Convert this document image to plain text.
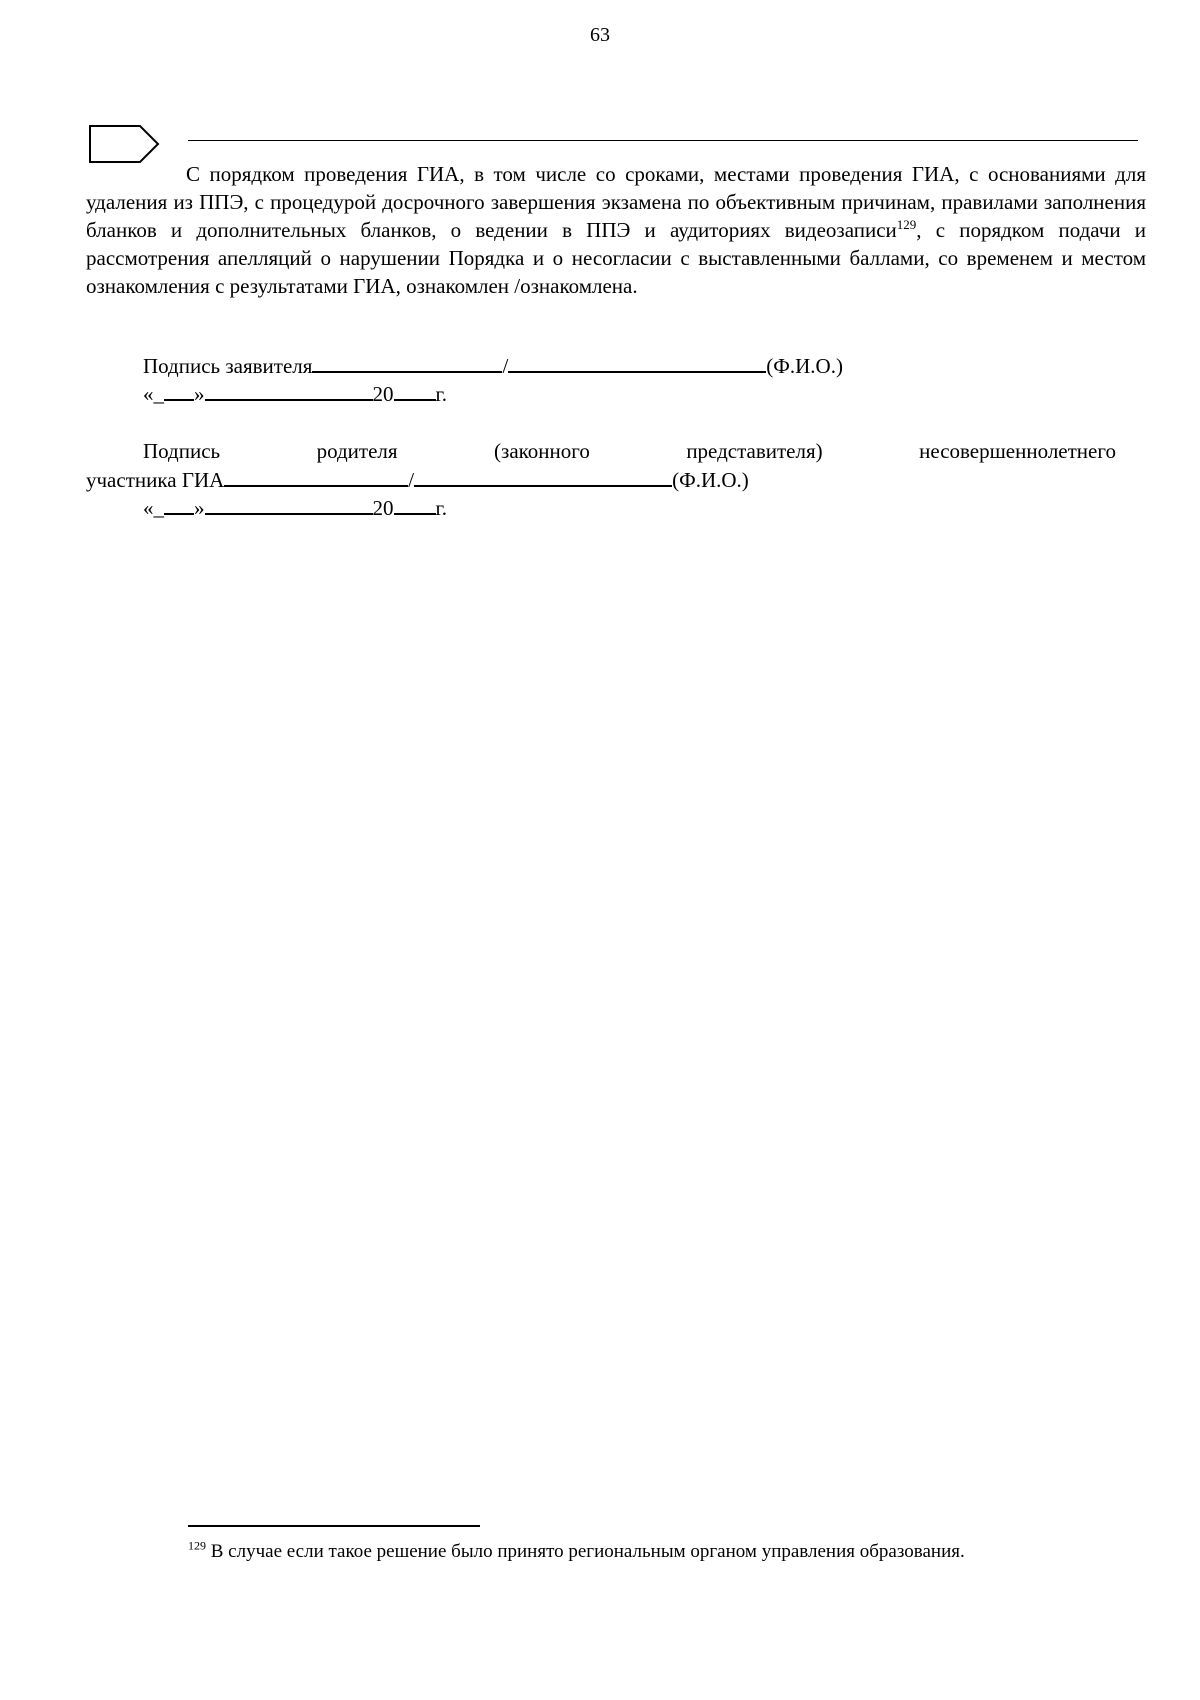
63

С порядком проведения ГИА, в том числе со сроками, местами проведения ГИА, с основаниями для удаления из ППЭ, с процедурой досрочного завершения экзамена по объективным причинам, правилами заполнения бланков и дополнительных бланков, о ведении в ППЭ и аудиториях видеозаписи$^{129}$, с порядком подачи и рассмотрения апелляций о нарушении Порядка и о несогласии с выставленными баллами, со временем и местом ознакомления с результатами ГИА, ознакомлен /ознакомлена.

Подпись заявителя	/	(Ф.И.О.)
«_ »	20 г.
Подпись	родителя	(законного	представителя)	несовершеннолетнего
участника ГИА	/	(Ф.И.О.)
«_ »	20 г.
$^{129}$ В случае если такое решение было принято региональным органом управления образования.
